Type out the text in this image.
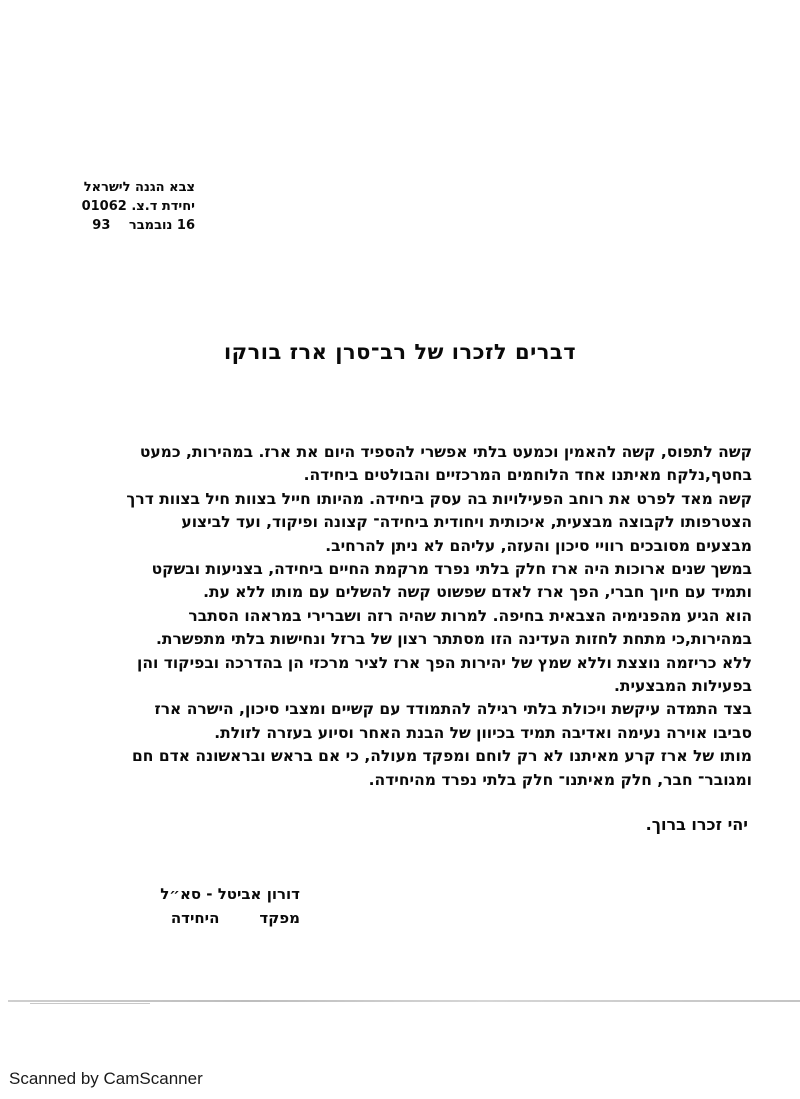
צבא הגנה לישראל
יחידת ד.צ. 01062
16 נובמבר 93
דברים לזכרו של רב־סרן ארז בורקו
קשה לתפוס, קשה להאמין וכמעט בלתי אפשרי להספיד היום את ארז. במהירות, כמעט
בחטף,נלקח מאיתנו אחד הלוחמים המרכזיים והבולטים ביחידה.
קשה מאד לפרט את רוחב הפעילויות בה עסק ביחידה. מהיותו חייל בצוות חיל בצוות דרך
הצטרפותו לקבוצה מבצעית, איכותית ויחודית ביחידה־ קצונה ופיקוד, ועד לביצוע
מבצעים מסובכים רוויי סיכון והעזה, עליהם לא ניתן להרחיב.
במשך שנים ארוכות היה ארז חלק בלתי נפרד מרקמת החיים ביחידה, בצניעות ובשקט
ותמיד עם חיוך חברי, הפך ארז לאדם שפשוט קשה להשלים עם מותו ללא עת.
הוא הגיע מהפנימיה הצבאית בחיפה. למרות שהיה רזה ושברירי במראהו הסתבר
במהירות,כי מתחת לחזות העדינה הזו מסתתר רצון של ברזל ונחישות בלתי מתפשרת.
ללא כריזמה נוצצת וללא שמץ של יהירות הפך ארז לציר מרכזי הן בהדרכה ובפיקוד והן
בפעילות המבצעית.
בצד התמדה עיקשת ויכולת בלתי רגילה להתמודד עם קשיים ומצבי סיכון, הישרה ארז
סביבו אוירה נעימה ואדיבה תמיד בכיוון של הבנת האחר וסיוע בעזרה לזולת.
מותו של ארז קרע מאיתנו לא רק לוחם ומפקד מעולה, כי אם בראש ובראשונה אדם חם
ומגובר־ חבר, חלק מאיתנו־ חלק בלתי נפרד מהיחידה.
יהי זכרו ברוך.
דורון אביטל - סא״ל
מפקד
היחידה
Scanned by CamScanner
